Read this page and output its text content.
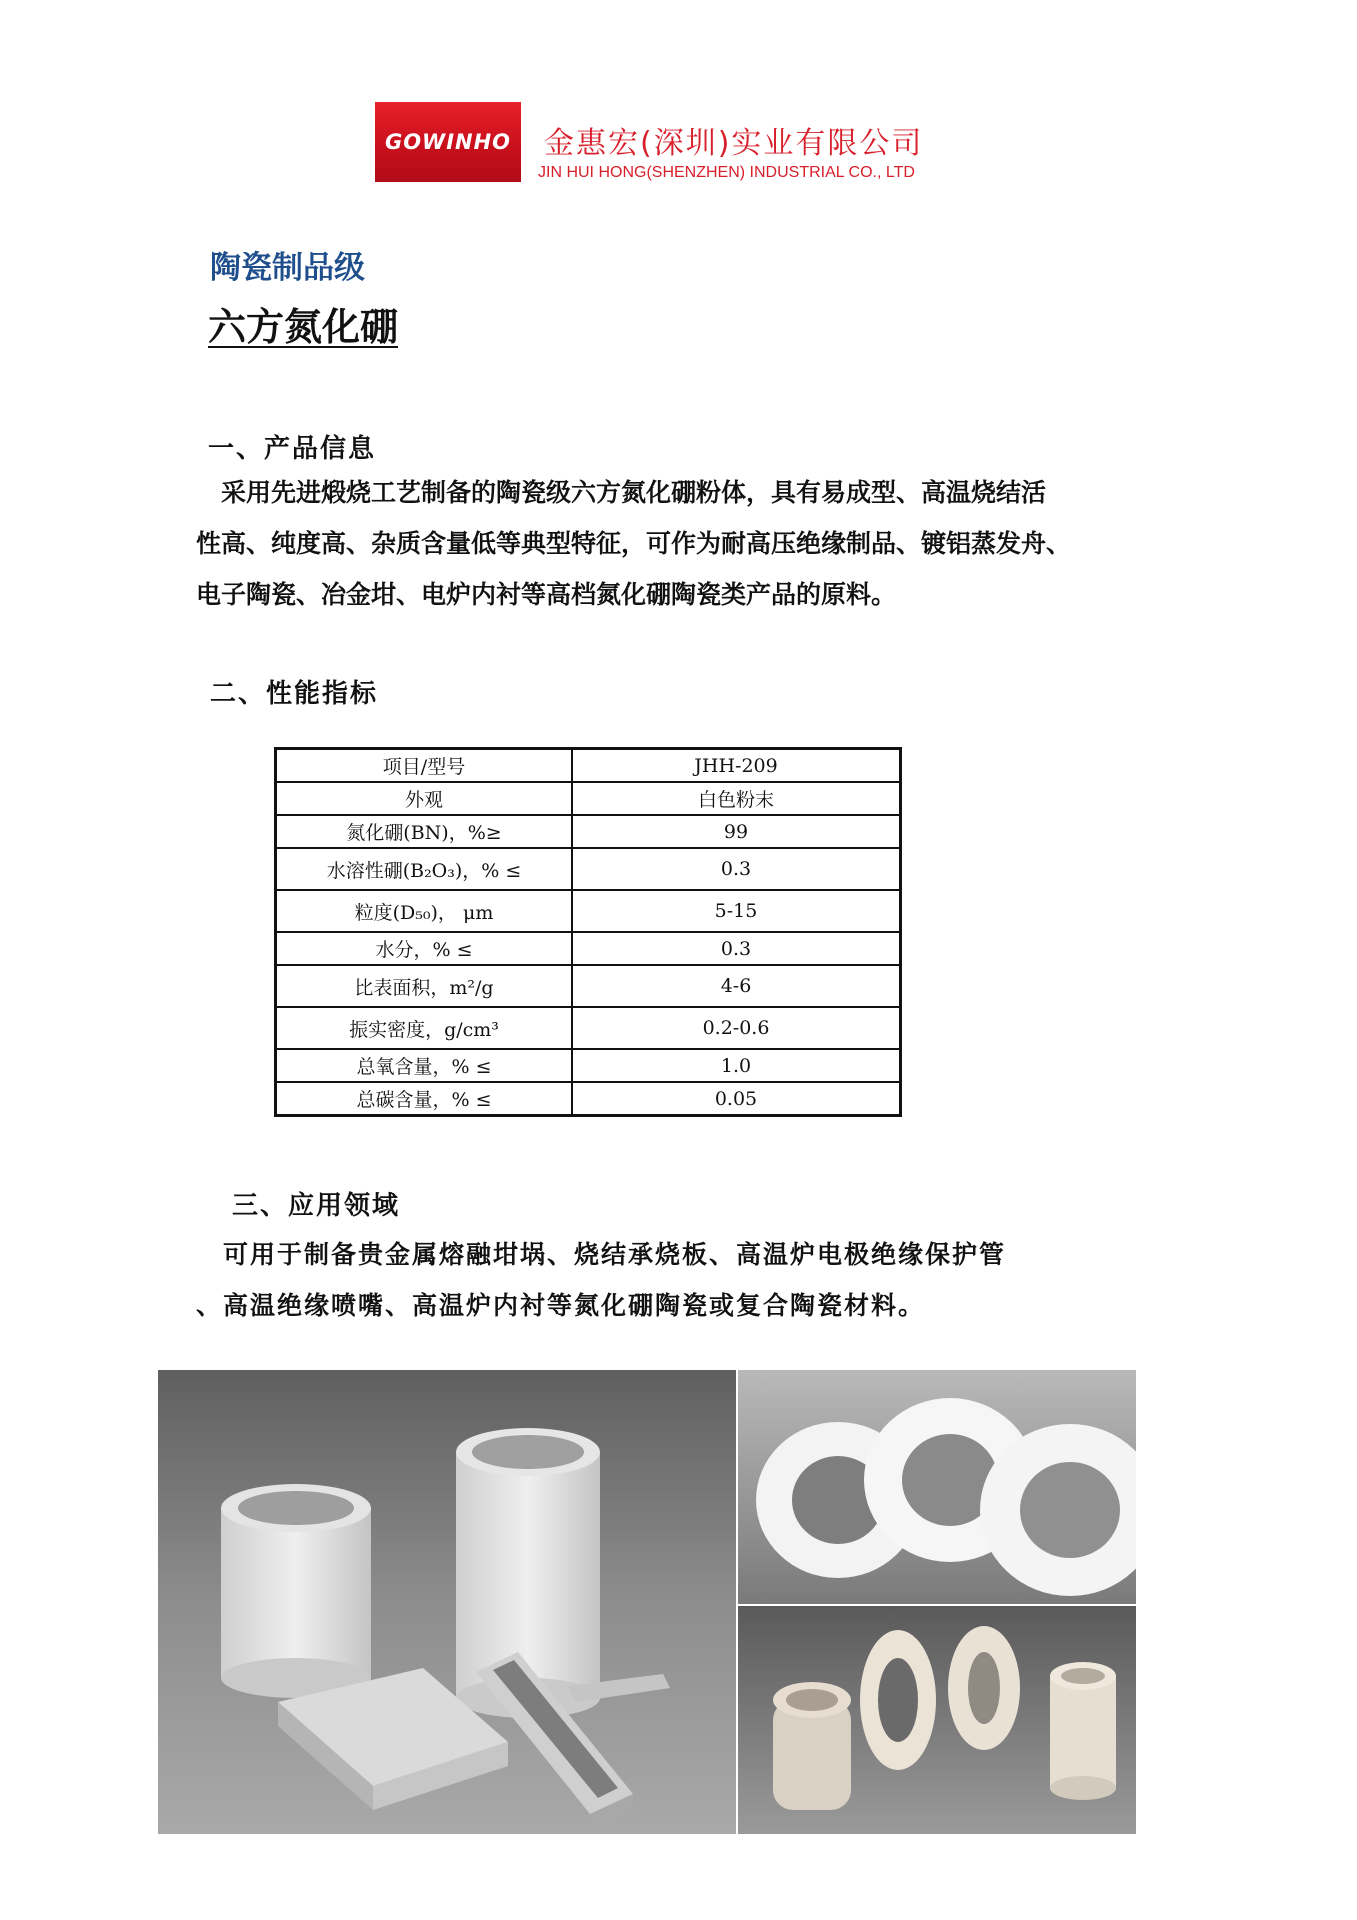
GOWINHO 金惠宏(深圳)实业有限公司
JIN HUI HONG(SHENZHEN) INDUSTRIAL CO., LTD
陶瓷制品级
六方氮化硼
一、产品信息
　采用先进煅烧工艺制备的陶瓷级六方氮化硼粉体，具有易成型、高温烧结活
性高、纯度高、杂质含量低等典型特征，可作为耐高压绝缘制品、镀铝蒸发舟、
电子陶瓷、冶金坩、电炉内衬等高档氮化硼陶瓷类产品的原料。
二、性能指标
项目/型号	JHH-209
外观	白色粉末
氮化硼(BN)，%≥	99
水溶性硼(B₂O₃)，% ≤	0.3
粒度(D₅₀)， μm	5-15
水分，% ≤	0.3
比表面积，m²/g	4-6
振实密度，g/cm³	0.2-0.6
总氧含量，% ≤	1.0
总碳含量，% ≤	0.05
三、应用领域
　可用于制备贵金属熔融坩埚、烧结承烧板、高温炉电极绝缘保护管
、高温绝缘喷嘴、高温炉内衬等氮化硼陶瓷或复合陶瓷材料。
